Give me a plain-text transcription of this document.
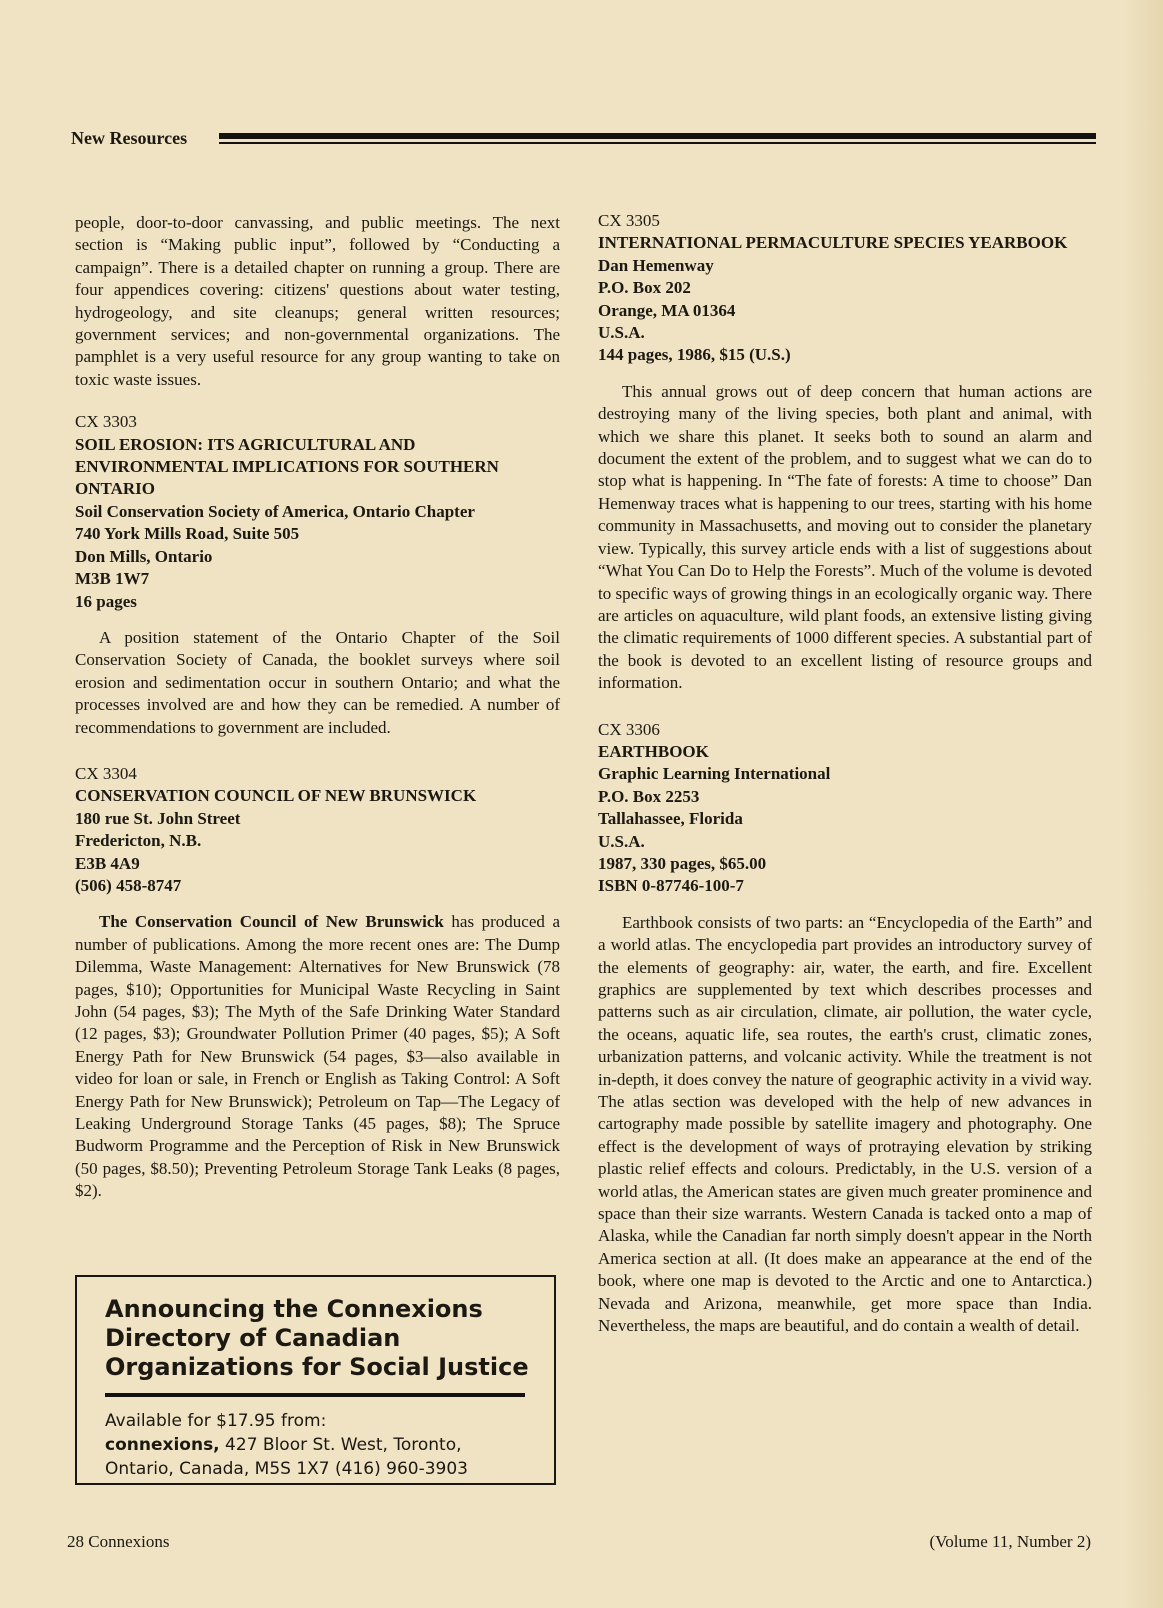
New Resources

people, door-to-door canvassing, and public meetings. The next section is “Making public input”, followed by “Conducting a campaign”. There is a detailed chapter on running a group. There are four appendices covering: citizens' questions about water testing, hydrogeology, and site cleanups; general written resources; government services; and non-governmental organizations. The pamphlet is a very useful resource for any group wanting to take on toxic waste issues.

CX 3303
SOIL EROSION: ITS AGRICULTURAL AND ENVIRONMENTAL IMPLICATIONS FOR SOUTHERN ONTARIO
Soil Conservation Society of America, Ontario Chapter
740 York Mills Road, Suite 505
Don Mills, Ontario
M3B 1W7
16 pages

A position statement of the Ontario Chapter of the Soil Conservation Society of Canada, the booklet surveys where soil erosion and sedimentation occur in southern Ontario; and what the processes involved are and how they can be remedied. A number of recommendations to government are included.

CX 3304
CONSERVATION COUNCIL OF NEW BRUNSWICK
180 rue St. John Street
Fredericton, N.B.
E3B 4A9
(506) 458-8747

The Conservation Council of New Brunswick has produced a number of publications. Among the more recent ones are: The Dump Dilemma, Waste Management: Alternatives for New Brunswick (78 pages, $10); Opportunities for Municipal Waste Recycling in Saint John (54 pages, $3); The Myth of the Safe Drinking Water Standard (12 pages, $3); Groundwater Pollution Primer (40 pages, $5); A Soft Energy Path for New Brunswick (54 pages, $3—also available in video for loan or sale, in French or English as Taking Control: A Soft Energy Path for New Brunswick); Petroleum on Tap—The Legacy of Leaking Underground Storage Tanks (45 pages, $8); The Spruce Budworm Programme and the Perception of Risk in New Brunswick (50 pages, $8.50); Preventing Petroleum Storage Tank Leaks (8 pages, $2).

Announcing the Connexions
Directory of Canadian
Organizations for Social Justice
Available for $17.95 from:
connexions, 427 Bloor St. West, Toronto,
Ontario, Canada, M5S 1X7 (416) 960-3903
CX 3305
INTERNATIONAL PERMACULTURE SPECIES YEARBOOK
Dan Hemenway
P.O. Box 202
Orange, MA 01364
U.S.A.
144 pages, 1986, $15 (U.S.)

This annual grows out of deep concern that human actions are destroying many of the living species, both plant and animal, with which we share this planet. It seeks both to sound an alarm and document the extent of the problem, and to suggest what we can do to stop what is happening. In “The fate of forests: A time to choose” Dan Hemenway traces what is happening to our trees, starting with his home community in Massachusetts, and moving out to consider the planetary view. Typically, this survey article ends with a list of suggestions about “What You Can Do to Help the Forests”. Much of the volume is devoted to specific ways of growing things in an ecologically organic way. There are articles on aquaculture, wild plant foods, an extensive listing giving the climatic requirements of 1000 different species. A substantial part of the book is devoted to an excellent listing of resource groups and information.

CX 3306
EARTHBOOK
Graphic Learning International
P.O. Box 2253
Tallahassee, Florida
U.S.A.
1987, 330 pages, $65.00
ISBN 0-87746-100-7

Earthbook consists of two parts: an “Encyclopedia of the Earth” and a world atlas. The encyclopedia part provides an introductory survey of the elements of geography: air, water, the earth, and fire. Excellent graphics are supplemented by text which describes processes and patterns such as air circulation, climate, air pollution, the water cycle, the oceans, aquatic life, sea routes, the earth's crust, climatic zones, urbanization patterns, and volcanic activity. While the treatment is not in-depth, it does convey the nature of geographic activity in a vivid way. The atlas section was developed with the help of new advances in cartography made possible by satellite imagery and photography. One effect is the development of ways of protraying elevation by striking plastic relief effects and colours. Predictably, in the U.S. version of a world atlas, the American states are given much greater prominence and space than their size warrants. Western Canada is tacked onto a map of Alaska, while the Canadian far north simply doesn't appear in the North America section at all. (It does make an appearance at the end of the book, where one map is devoted to the Arctic and one to Antarctica.) Nevada and Arizona, meanwhile, get more space than India. Nevertheless, the maps are beautiful, and do contain a wealth of detail.

28 Connexions	(Volume 11, Number 2)
